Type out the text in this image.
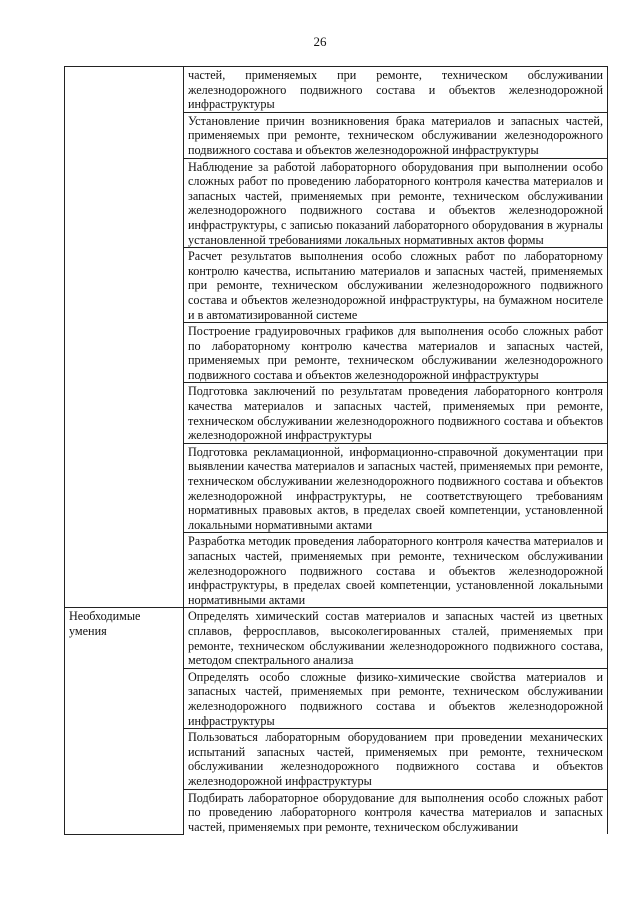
26
	частей, применяемых при ремонте, техническом обслуживании железнодорожного подвижного состава и объектов железнодорожной инфраструктуры
	Установление причин возникновения брака материалов и запасных частей, применяемых при ремонте, техническом обслуживании железнодорожного подвижного состава и объектов железнодорожной инфраструктуры
	Наблюдение за работой лабораторного оборудования при выполнении особо сложных работ по проведению лабораторного контроля качества материалов и запасных частей, применяемых при ремонте, техническом обслуживании железнодорожного подвижного состава и объектов железнодорожной инфраструктуры, с записью показаний лабораторного оборудования в журналы установленной требованиями локальных нормативных актов формы
	Расчет результатов выполнения особо сложных работ по лабораторному контролю качества, испытанию материалов и запасных частей, применяемых при ремонте, техническом обслуживании железнодорожного подвижного состава и объектов железнодорожной инфраструктуры, на бумажном носителе и в автоматизированной системе
	Построение градуировочных графиков для выполнения особо сложных работ по лабораторному контролю качества материалов и запасных частей, применяемых при ремонте, техническом обслуживании железнодорожного подвижного состава и объектов железнодорожной инфраструктуры
	Подготовка заключений по результатам проведения лабораторного контроля качества материалов и запасных частей, применяемых при ремонте, техническом обслуживании железнодорожного подвижного состава и объектов железнодорожной инфраструктуры
	Подготовка рекламационной, информационно-справочной документации при выявлении качества материалов и запасных частей, применяемых при ремонте, техническом обслуживании железнодорожного подвижного состава и объектов железнодорожной инфраструктуры, не соответствующего требованиям нормативных правовых актов, в пределах своей компетенции, установленной локальными нормативными актами
	Разработка методик проведения лабораторного контроля качества материалов и запасных частей, применяемых при ремонте, техническом обслуживании железнодорожного подвижного состава и объектов железнодорожной инфраструктуры, в пределах своей компетенции, установленной локальными нормативными актами
Необходимые умения	Определять химический состав материалов и запасных частей из цветных сплавов, ферросплавов, высоколегированных сталей, применяемых при ремонте, техническом обслуживании железнодорожного подвижного состава, методом спектрального анализа
	Определять особо сложные физико-химические свойства материалов и запасных частей, применяемых при ремонте, техническом обслуживании железнодорожного подвижного состава и объектов железнодорожной инфраструктуры
	Пользоваться лабораторным оборудованием при проведении механических испытаний запасных частей, применяемых при ремонте, техническом обслуживании железнодорожного подвижного состава и объектов железнодорожной инфраструктуры
	Подбирать лабораторное оборудование для выполнения особо сложных работ по проведению лабораторного контроля качества материалов и запасных частей, применяемых при ремонте, техническом обслуживании
